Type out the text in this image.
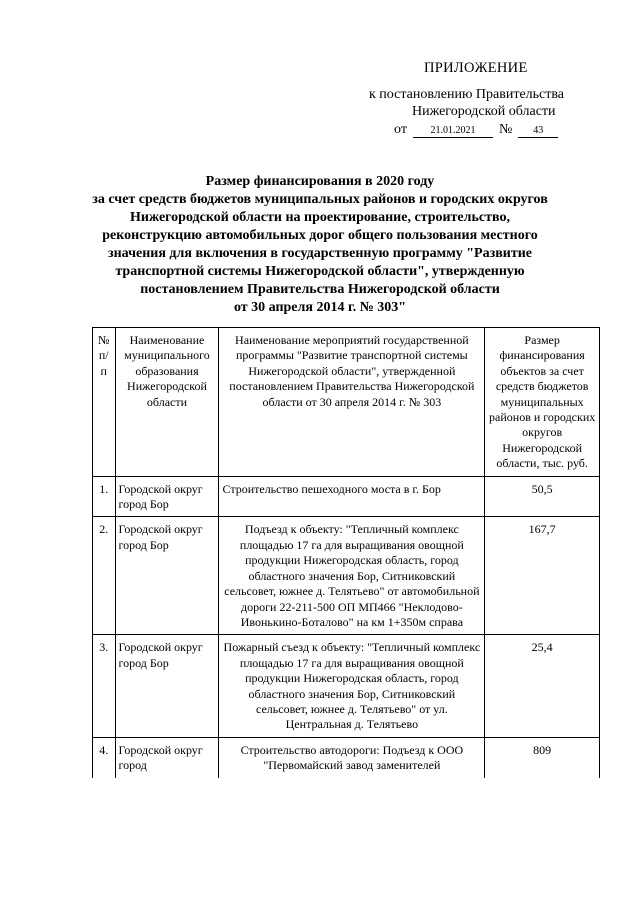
ПРИЛОЖЕНИЕ
к постановлению Правительства
Нижегородской области
от 21.01.2021 № 43
Размер финансирования в 2020 году
за счет средств бюджетов муниципальных районов и городских округов
Нижегородской области на проектирование, строительство,
реконструкцию автомобильных дорог общего пользования местного
значения для включения в государственную программу "Развитие
транспортной системы Нижегородской области", утвержденную
постановлением Правительства Нижегородской области
от 30 апреля 2014 г. № 303"
№ п/п	Наименование муниципального образования Нижегородской области	Наименование мероприятий государственной программы "Развитие транспортной системы Нижегородской области", утвержденной постановлением Правительства Нижегородской области от 30 апреля 2014 г. № 303	Размер финансирования объектов за счет средств бюджетов муниципальных районов и городских округов Нижегородской области, тыс. руб.
1.	Городской округ город Бор	Строительство пешеходного моста в г. Бор	50,5
2.	Городской округ город Бор	Подъезд к объекту: "Тепличный комплекс площадью 17 га для выращивания овощной продукции Нижегородская область, город областного значения Бор, Ситниковский сельсовет, южнее д. Телятьево" от автомобильной дороги 22-211-500 ОП МП466 "Неклодово-Ивонькино-Боталово" на км 1+350м справа	167,7
3.	Городской округ город Бор	Пожарный съезд к объекту: "Тепличный комплекс площадью 17 га для выращивания овощной продукции Нижегородская область, город областного значения Бор, Ситниковский сельсовет, южнее д. Телятьево" от ул. Центральная д. Телятьево	25,4
4.	Городской округ город	Строительство автодороги: Подъезд к ООО "Первомайский завод заменителей	809
